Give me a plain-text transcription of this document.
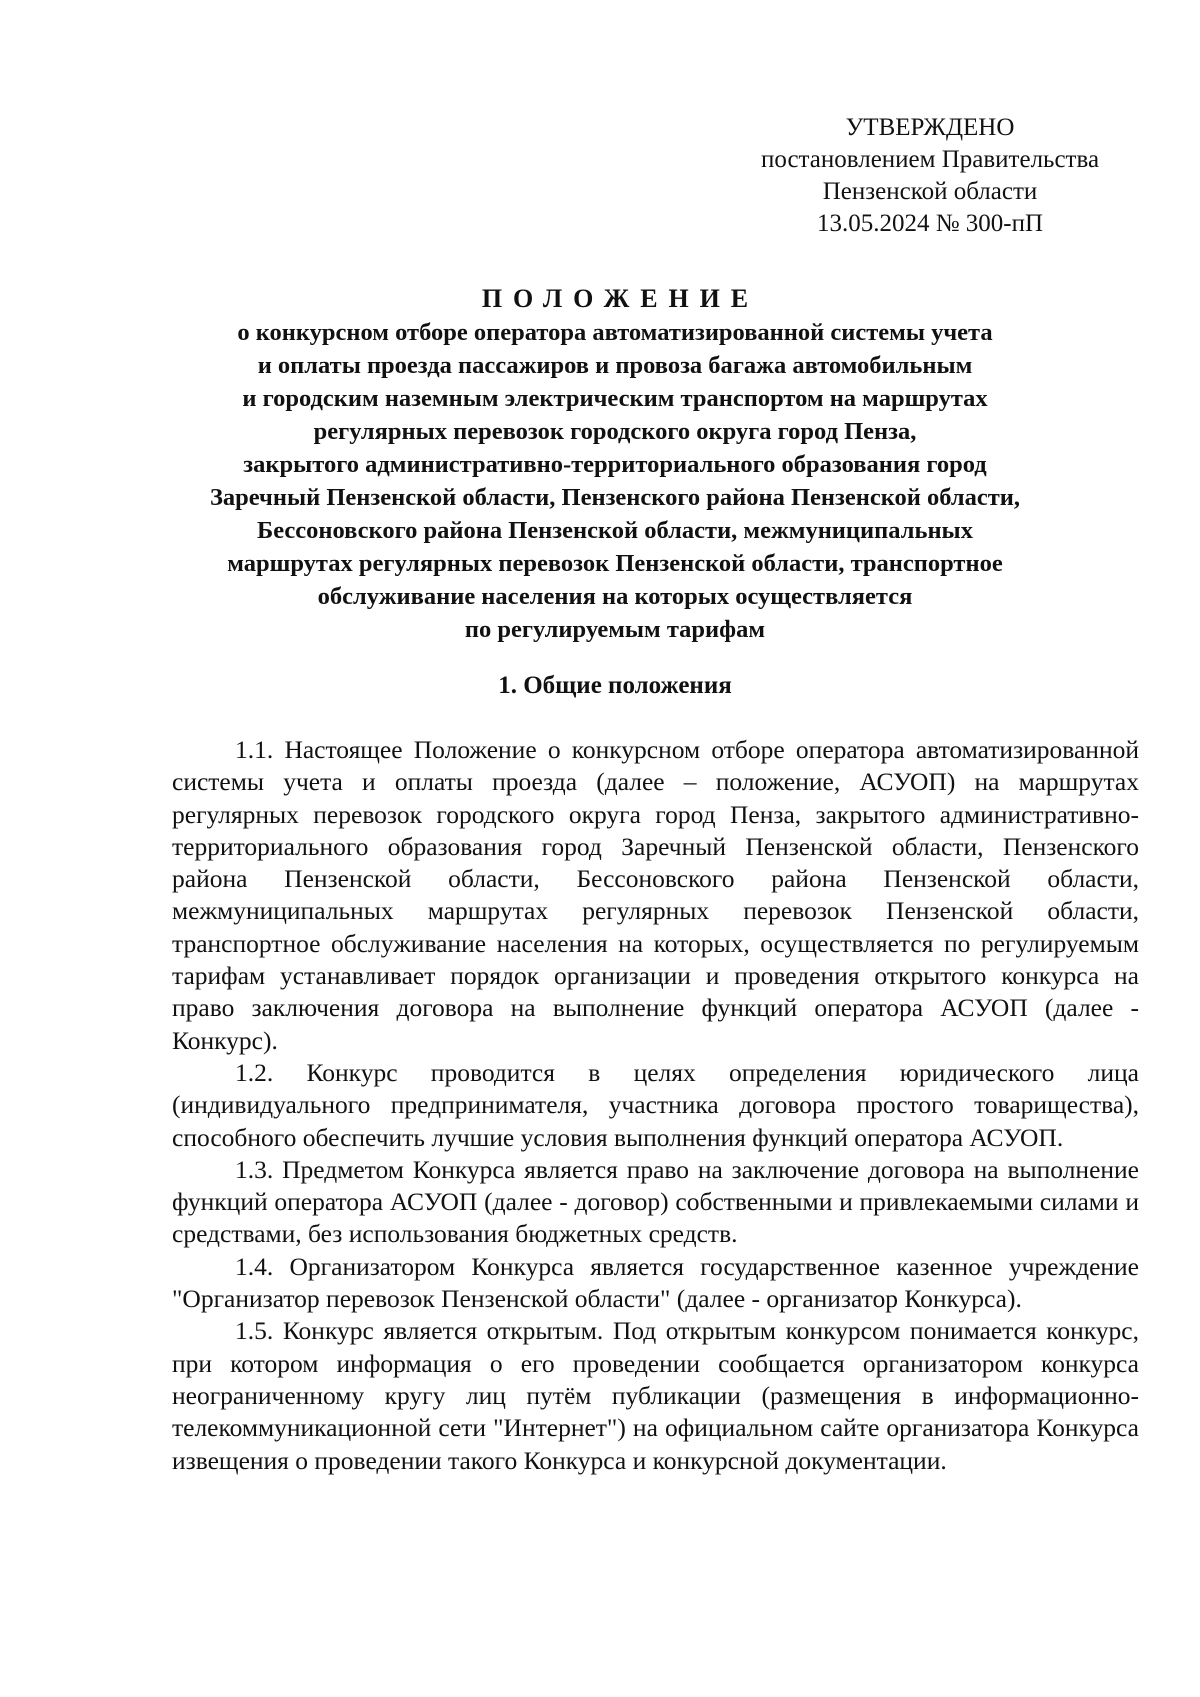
УТВЕРЖДЕНО
постановлением Правительства
Пензенской области
13.05.2024 № 300-пП
ПОЛОЖЕНИЕ
о конкурсном отборе оператора автоматизированной системы учета
и оплаты проезда пассажиров и провоза багажа автомобильным
и городским наземным электрическим транспортом на маршрутах
регулярных перевозок городского округа город Пенза,
закрытого административно-территориального образования город
Заречный Пензенской области, Пензенского района Пензенской области,
Бессоновского района Пензенской области, межмуниципальных
маршрутах регулярных перевозок Пензенской области, транспортное
обслуживание населения на которых осуществляется
по регулируемым тарифам
1. Общие положения

1.1. Настоящее Положение о конкурсном отборе оператора автоматизированной системы учета и оплаты проезда (далее – положение, АСУОП) на маршрутах регулярных перевозок городского округа город Пенза, закрытого административно-территориального образования город Заречный Пензенской области, Пензенского района Пензенской области, Бессоновского района Пензенской области, межмуниципальных маршрутах регулярных перевозок Пензенской области, транспортное обслуживание населения на которых, осуществляется по регулируемым тарифам устанавливает порядок организации и проведения открытого конкурса на право заключения договора на выполнение функций оператора АСУОП (далее - Конкурс).

1.2. Конкурс проводится в целях определения юридического лица (индивидуального предпринимателя, участника договора простого товарищества), способного обеспечить лучшие условия выполнения функций оператора АСУОП.

1.3. Предметом Конкурса является право на заключение договора на выполнение функций оператора АСУОП (далее - договор) собственными и привлекаемыми силами и средствами, без использования бюджетных средств.

1.4. Организатором Конкурса является государственное казенное учреждение "Организатор перевозок Пензенской области" (далее - организатор Конкурса).

1.5. Конкурс является открытым. Под открытым конкурсом понимается конкурс, при котором информация о его проведении сообщается организатором конкурса неограниченному кругу лиц путём публикации (размещения в информационно-телекоммуникационной сети "Интернет") на официальном сайте организатора Конкурса извещения о проведении такого Конкурса и конкурсной документации.
